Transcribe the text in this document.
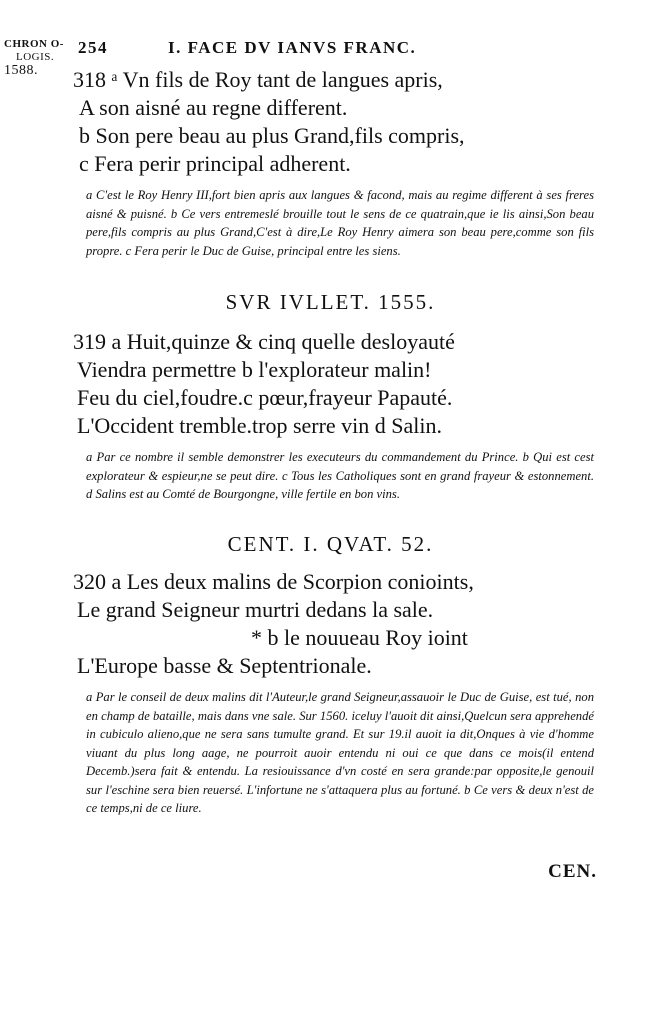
CHRON O-
LOGIS.
1588.
254	I. FACE DV IANVS FRANC.

318 ᵃ Vn fils de Roy tant de langues apris,

A son aisné au regne different.

b Son pere beau au plus Grand,fils compris,

c Fera perir principal adherent.

a C'est le Roy Henry III,fort bien apris aux langues & facond, mais au regime different à ses freres aisné & puisné. b Ce vers entremeslé brouille tout le sens de ce quatrain,que ie lis ainsi,Son beau pere,fils compris au plus Grand,C'est à dire,Le Roy Henry aimera son beau pere,comme son fils propre. c Fera perir le Duc de Guise, principal entre les siens.

SVR IVLLET. 1555.

319 a Huit,quinze & cinq quelle desloyauté

Viendra permettre b l'explorateur malin!

Feu du ciel,foudre.c pœur,frayeur Papauté.

L'Occident tremble.trop serre vin d Salin.

a Par ce nombre il semble demonstrer les executeurs du commandement du Prince. b Qui est cest explorateur & espieur,ne se peut dire. c Tous les Catholiques sont en grand frayeur & estonnement. d Salins est au Comté de Bourgongne, ville fertile en bon vins.

CENT. I. QVAT. 52.

320 a Les deux malins de Scorpion conioints,

Le grand Seigneur murtri dedans la sale.

* b le nouueau Roy ioint

L'Europe basse & Septentrionale.

a Par le conseil de deux malins dit l'Auteur,le grand Seigneur,assauoir le Duc de Guise, est tué, non en champ de bataille, mais dans vne sale. Sur 1560. iceluy l'auoit dit ainsi,Quelcun sera apprehendé in cubiculo alieno,que ne sera sans tumulte grand. Et sur 19.il auoit ia dit,Onques à vie d'homme viuant du plus long aage, ne pourroit auoir entendu ni oui ce que dans ce mois(il entend Decemb.)sera fait & entendu. La resiouissance d'vn costé en sera grande:par opposite,le genouil sur l'eschine sera bien reuersé. L'infortune ne s'attaquera plus au fortuné. b Ce vers & deux n'est de ce temps,ni de ce liure.

CEN.
